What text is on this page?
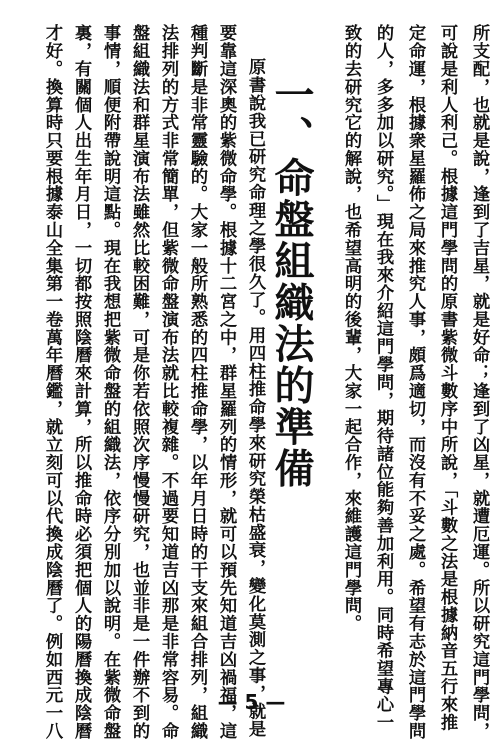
所支配，也就是說，逢到了吉星，就是好命；逢到了凶星，就遭厄運。所以研究這門學問，
可說是利人利己。根據這門學問的原書紫微斗數序中所說，「斗數之法是根據納音五行來推
定命運，根據衆星羅佈之局來推究人事，頗爲適切，而沒有不妥之處。希望有志於這門學問
的人，多多加以研究。」現在我來介紹這門學問，期待諸位能夠善加利用。同時希望專心一
致的去研究它的解說，也希望高明的後輩，大家一起合作，來維護這門學問。
一、命盤組織法的準備
原書說我已研究命理之學很久了。用四柱推命學來研究榮枯盛衰，變化莫測之事，就是
要靠這深奧的紫微命學。根據十二宮之中，群星羅列的情形，就可以預先知道吉凶禍福，這
種判斷是非常靈驗的。大家一般所熟悉的四柱推命學，以年月日時的干支來組合排列，組織
法排列的方式非常簡單，但紫微命盤演布法就比較複雜。不過要知道吉凶那是非常容易。命
盤組織法和群星演布法雖然比較困難，可是你若依照次序慢慢研究，也並非是一件辦不到的
事情，順便附帶說明這點。現在我想把紫微命盤的組織法，依序分別加以說明。在紫微命盤
裏，有關個人出生年月日，一切都按照陰曆來計算，所以推命時必須把個人的陽曆換成陰曆
才好。換算時只要根據泰山全集第一卷萬年曆鑑，就立刻可以代換成陰曆了。例如西元一八	— 5 —
